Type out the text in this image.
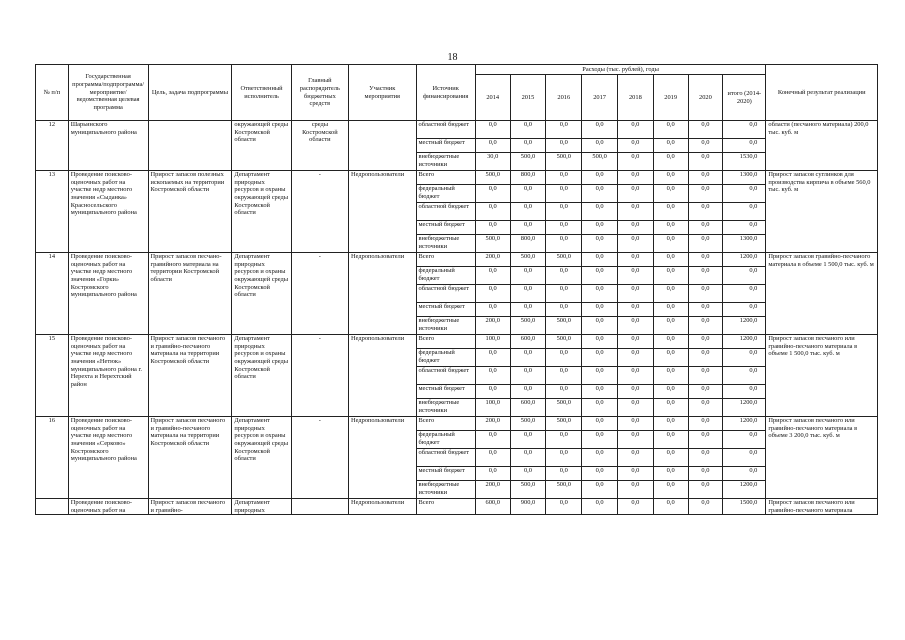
18
№ п/п	Государственная программа/подпрограмма/мероприятие/ведомственная целевая программа	Цель, задача подпрограммы	Ответственный исполнитель	Главный распорядитель бюджетных средств	Участник мероприятия	Источник финансирования	Расходы (тыс. рублей), годы								Конечный результат реализации
							2014	2015	2016	2017	2018	2019	2020	итого (2014-2020)	
12	Шарьинского муниципального района		окружающей среды Костромской области	среды Костромской области		областной бюджет	0,0	0,0	0,0	0,0	0,0	0,0	0,0	0,0	области (песчаного материала) 200,0 тыс. куб. м
						местный бюджет	0,0	0,0	0,0	0,0	0,0	0,0	0,0	0,0	
						внебюджетные источники	30,0	500,0	500,0	500,0	0,0	0,0	0,0	1530,0	
13	Проведение поисково-оценочных работ на участке недр местного значения «Сыданка» Красносельского муниципального района	Прирост запасов полезных ископаемых на территории Костромской области	Департамент природных ресурсов и охраны окружающей среды Костромской области	-	Недропользователи	Всего	500,0	800,0	0,0	0,0	0,0	0,0	0,0	1300,0	Прирост запасов суглинков для производства кирпича в объеме 560,0 тыс. куб. м
						федеральный бюджет	0,0	0,0	0,0	0,0	0,0	0,0	0,0	0,0	
						областной бюджет	0,0	0,0	0,0	0,0	0,0	0,0	0,0	0,0	
						местный бюджет	0,0	0,0	0,0	0,0	0,0	0,0	0,0	0,0	
						внебюджетные источники	500,0	800,0	0,0	0,0	0,0	0,0	0,0	1300,0	
14	Проведение поисково-оценочных работ на участке недр местного значения «Горки» Костромского муниципального района	Прирост запасов песчано-гравийного материала на территории Костромской области	Департамент природных ресурсов и охраны окружающей среды Костромской области	-	Недропользователи	Всего	200,0	500,0	500,0	0,0	0,0	0,0	0,0	1200,0	Прирост запасов гравийно-песчаного материала в объеме 1 500,0 тыс. куб. м
						федеральный бюджет	0,0	0,0	0,0	0,0	0,0	0,0	0,0	0,0	
						областной бюджет	0,0	0,0	0,0	0,0	0,0	0,0	0,0	0,0	
						местный бюджет	0,0	0,0	0,0	0,0	0,0	0,0	0,0	0,0	
						внебюджетные источники	200,0	500,0	500,0	0,0	0,0	0,0	0,0	1200,0	
15	Проведение поисково-оценочных работ на участке недр местного значения «Нетюк» муниципального района г. Нерехта и Нерехтский район	Прирост запасов песчаного и гравийно-песчаного материала на территории Костромской области	Департамент природных ресурсов и охраны окружающей среды Костромской области	-	Недропользователи	Всего	100,0	600,0	500,0	0,0	0,0	0,0	0,0	1200,0	Прирост запасов песчаного или гравийно-песчаного материала в объеме 1 500,0 тыс. куб. м
						федеральный бюджет	0,0	0,0	0,0	0,0	0,0	0,0	0,0	0,0	
						областной бюджет	0,0	0,0	0,0	0,0	0,0	0,0	0,0	0,0	
						местный бюджет	0,0	0,0	0,0	0,0	0,0	0,0	0,0	0,0	
						внебюджетные источники	100,0	600,0	500,0	0,0	0,0	0,0	0,0	1200,0	
16	Проведение поисково-оценочных работ на участке недр местного значения «Серково» Костромского муниципального района	Прирост запасов песчаного и гравийно-песчаного материала на территории Костромской области	Департамент природных ресурсов и охраны окружающей среды Костромской области	-	Недропользователи	Всего	200,0	500,0	500,0	0,0	0,0	0,0	0,0	1200,0	Прирост запасов песчаного или гравийно-песчаного материала в объеме 3 200,0 тыс. куб. м
						федеральный бюджет	0,0	0,0	0,0	0,0	0,0	0,0	0,0	0,0	
						областной бюджет	0,0	0,0	0,0	0,0	0,0	0,0	0,0	0,0	
						местный бюджет	0,0	0,0	0,0	0,0	0,0	0,0	0,0	0,0	
						внебюджетные источники	200,0	500,0	500,0	0,0	0,0	0,0	0,0	1200,0	
	Проведение поисково-оценочных работ на	Прирост запасов песчаного и гравийно-	Департамент природных		Недропользователи	Всего	600,0	900,0	0,0	0,0	0,0	0,0	0,0	1500,0	Прирост запасов песчаного или гравийно-песчаного материала
